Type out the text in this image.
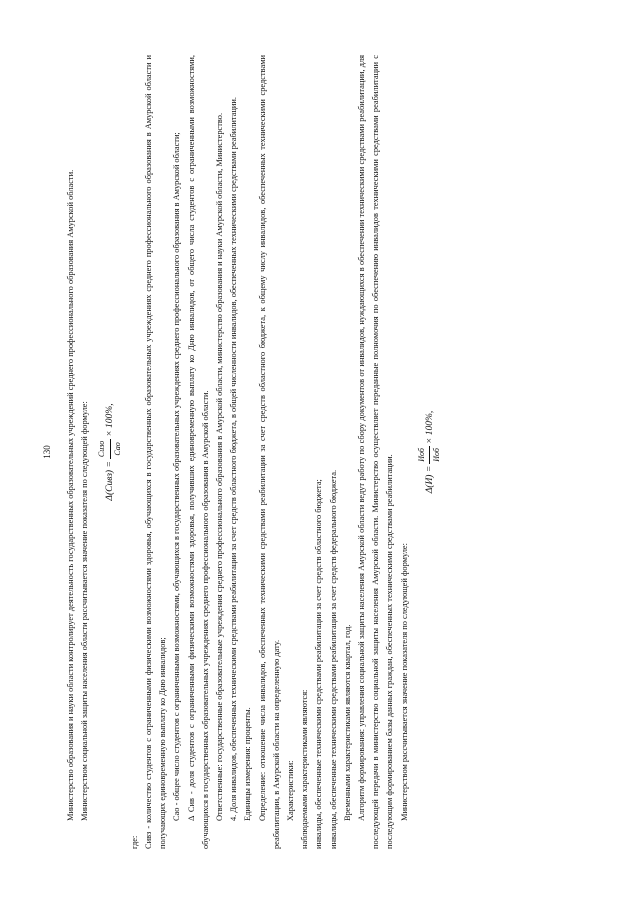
130 Министерство образования и науки области контролирует деятельность государственных образовательных учреждений среднего профессионального образования Амурской области. Министерством социальной защиты населения области рассчитывается значение показателя по следующей формуле:	Δ(Сивз) =
Сизо Сао
× 100%,

где: Сивз - количество студентов с ограниченными физическими возможностями здоровья, обучающихся в государственных образовательных учреждениях среднего профессионального образования в Амурской области и получающих единовременную выплату ко Дню инвалидов; Сао - общее число студентов с ограниченными возможностями, обучающихся в государственных образовательных учреждениях среднего профессионального образования в Амурской области; Δ Сив - доля студентов с ограниченными физическими возможностями здоровья, получивших единовременную выплату ко Дню инвалидов, от общего числа студентов с ограниченными возможностями, обучающихся в государственных образовательных учреждениях среднего профессионального образования в Амурской области. Ответственные: государственные образовательные учреждения среднего профессионального образования в Амурской области, министерство образования и науки Амурской области, Министерство. 4. Доля инвалидов, обеспеченных техническими средствами реабилитации за счет средств областного бюджета, в общей численности инвалидов, обеспеченных техническими средствами реабилитации. Единицы измерения: проценты. Определение: отношение числа инвалидов, обеспеченных техническими средствами реабилитации за счет средств областного бюджета, к общему числу инвалидов, обеспеченных техническими средствами реабилитации, в Амурской области на определенную дату. Характеристики: наблюдаемыми характеристиками являются: инвалиды, обеспеченные техническими средствами реабилитации за счет средств областного бюджета; инвалиды, обеспеченные техническими средствами реабилитации за счет средств федерального бюджета. Временными характеристиками являются квартал, год. Алгоритм формирования: управления социальной защиты населения Амурской области ведут работу по сбору документов от инвалидов, нуждающихся в обеспечении техническими средствами реабилитации, для последующей передачи в министерство социальной защиты населения Амурской области. Министерство осуществляет переданные полномочия по обеспечению инвалидов техническими средствами реабилитации с последующим формированием базы данных граждан, обеспеченных техническими средствами реабилитации. Министерством рассчитывается значение показателя по следующей формуле:

Δ(И) =
Иоб Иоб
× 100%,
